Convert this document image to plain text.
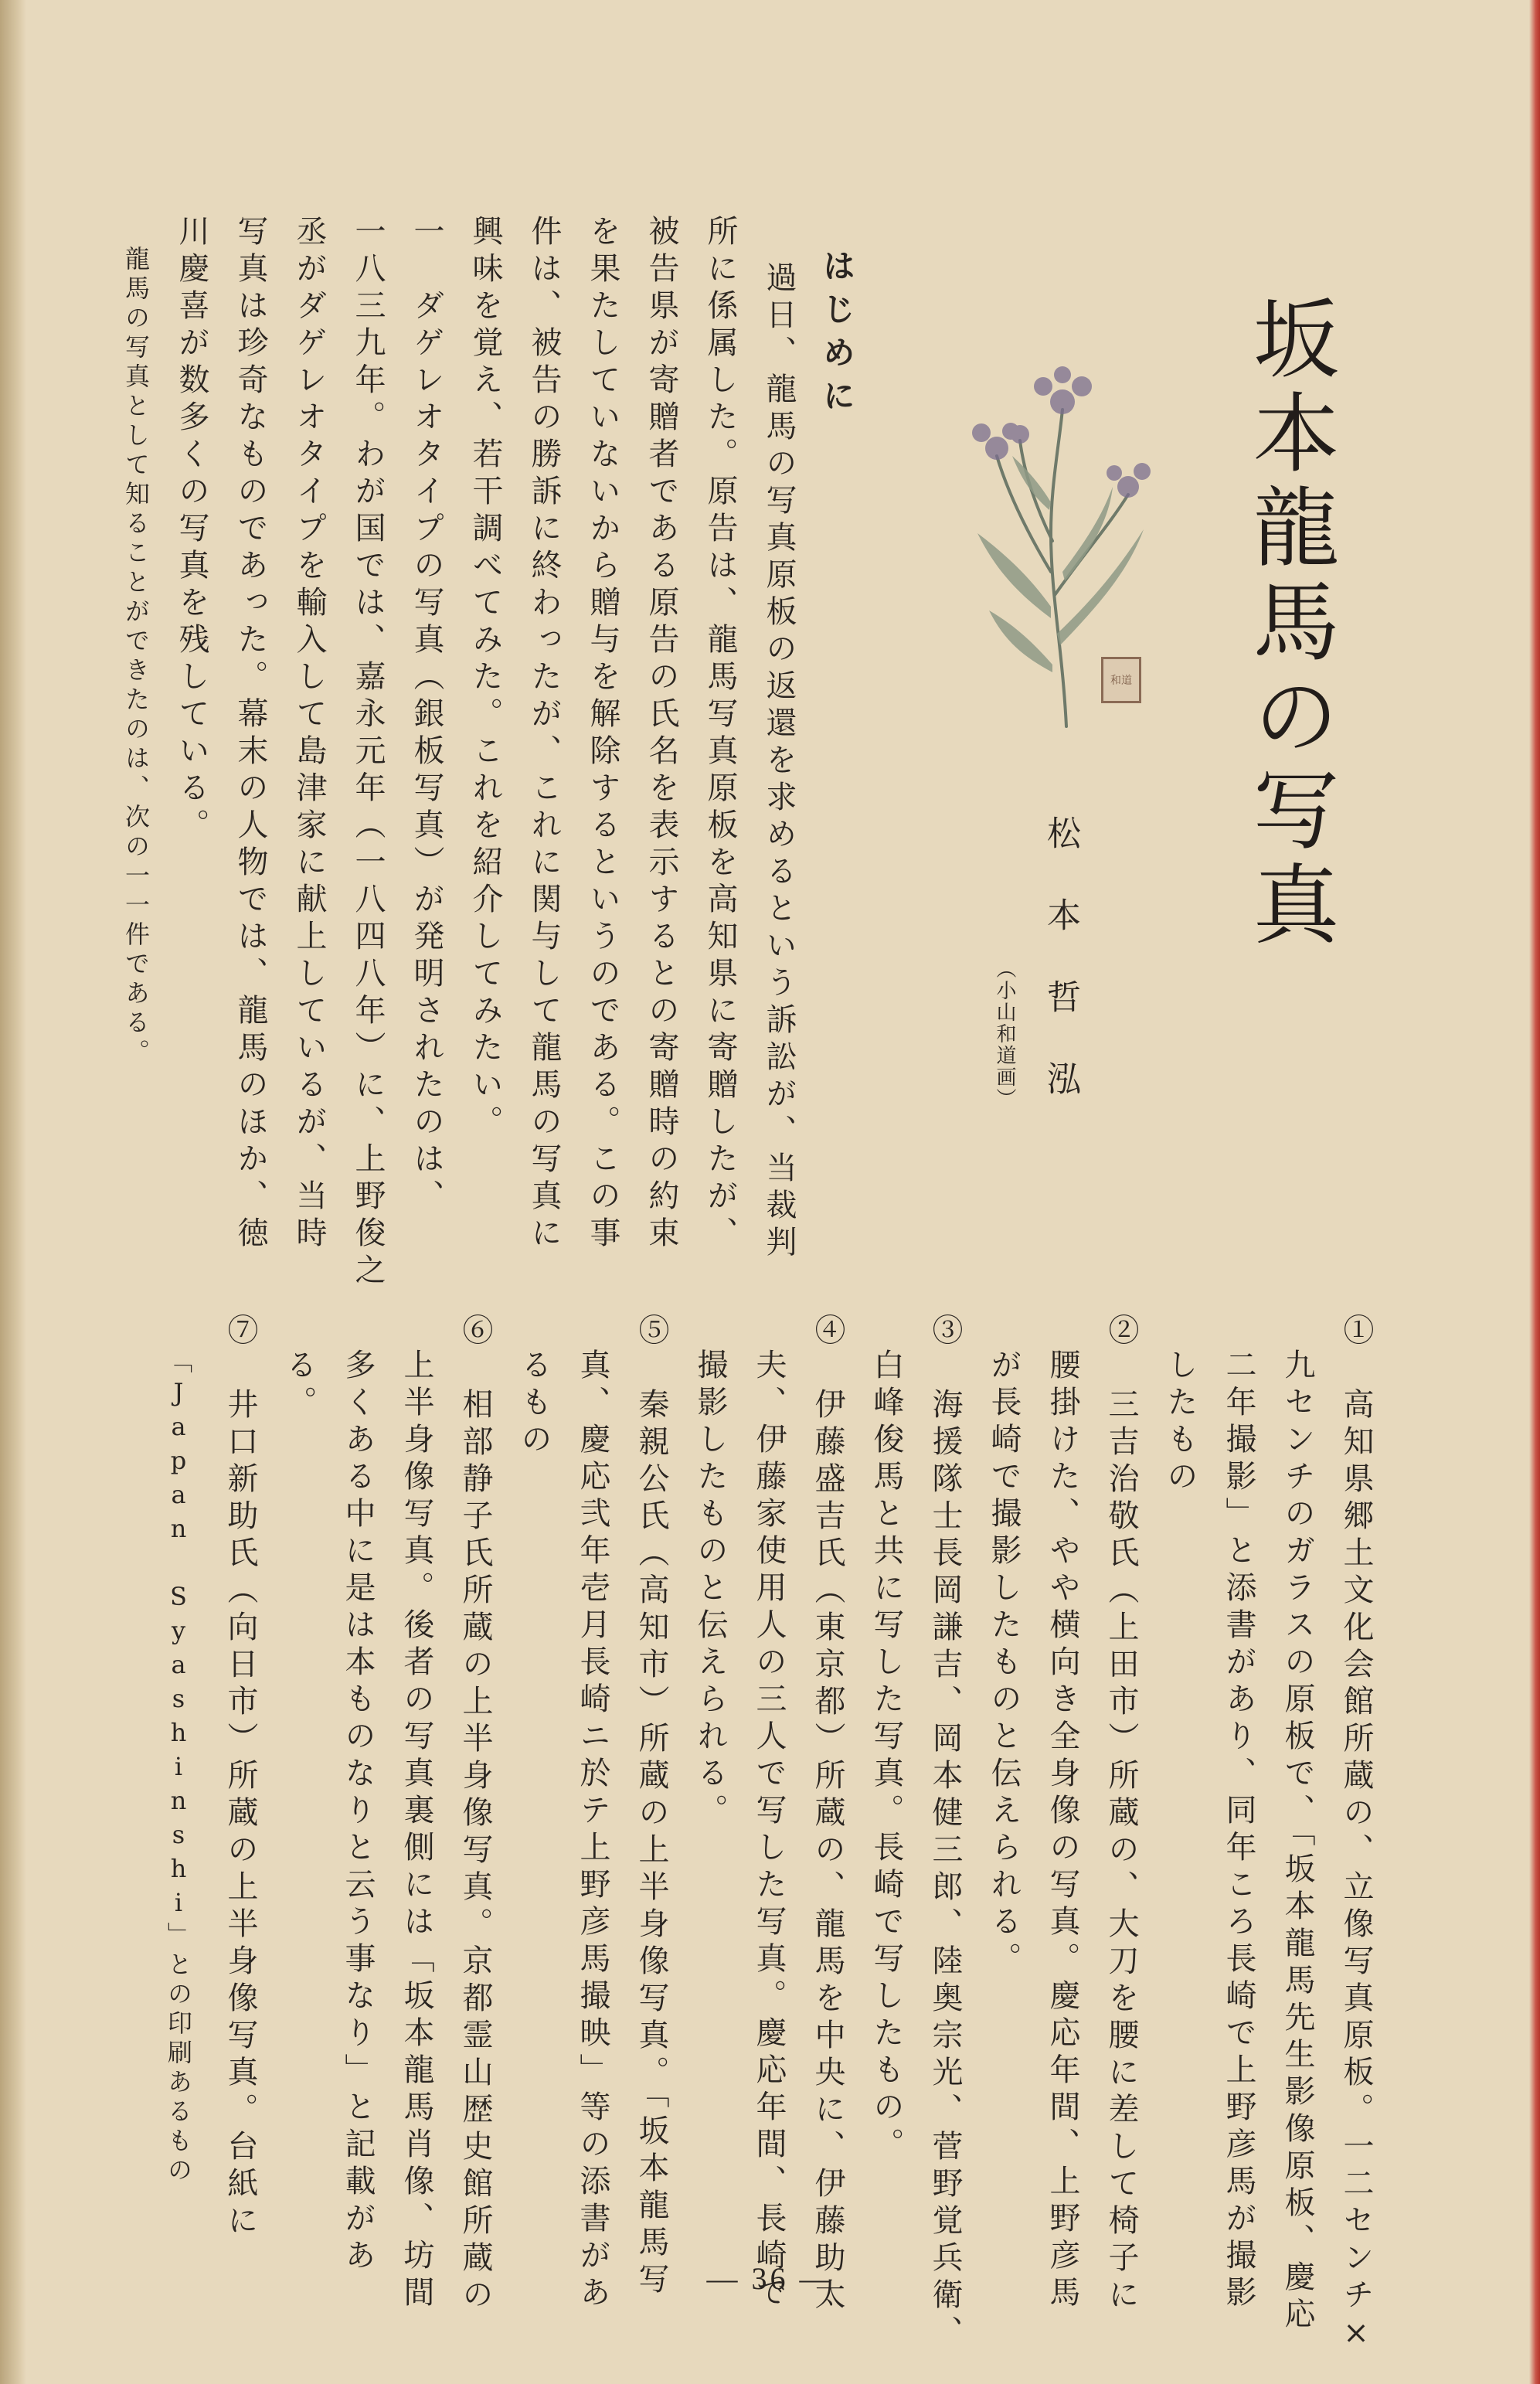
坂本龍馬の写真
和道
松本哲泓
（小山和道画）
はじめに
過日、龍馬の写真原板の返還を求めるという訴訟が、当裁判
所に係属した。原告は、龍馬写真原板を高知県に寄贈したが、
被告県が寄贈者である原告の氏名を表示するとの寄贈時の約束
を果たしていないから贈与を解除するというのである。この事
件は、被告の勝訴に終わったが、これに関与して龍馬の写真に
興味を覚え、若干調べてみた。これを紹介してみたい。
一　ダゲレオタイプの写真（銀板写真）が発明されたのは、
一八三九年。わが国では、嘉永元年（一八四八年）に、上野俊之
丞がダゲレオタイプを輸入して島津家に献上しているが、当時
写真は珍奇なものであった。幕末の人物では、龍馬のほか、徳
川慶喜が数多くの写真を残している。
龍馬の写真として知ることができたのは、次の一一件である。
①　高知県郷土文化会館所蔵の、立像写真原板。一二センチ×
九センチのガラスの原板で、「坂本龍馬先生影像原板、慶応
二年撮影」と添書があり、同年ころ長崎で上野彦馬が撮影
したもの
②　三吉治敬氏（上田市）所蔵の、大刀を腰に差して椅子に
腰掛けた、やや横向き全身像の写真。慶応年間、上野彦馬
が長崎で撮影したものと伝えられる。
③　海援隊士長岡謙吉、岡本健三郎、陸奥宗光、菅野覚兵衛、
白峰俊馬と共に写した写真。長崎で写したもの。
④　伊藤盛吉氏（東京都）所蔵の、龍馬を中央に、伊藤助太
夫、伊藤家使用人の三人で写した写真。慶応年間、長崎で
撮影したものと伝えられる。
⑤　秦親公氏（高知市）所蔵の上半身像写真。「坂本龍馬写
真、慶応弐年壱月長崎ニ於テ上野彦馬撮映」等の添書があ
るもの
⑥　相部静子氏所蔵の上半身像写真。京都霊山歴史館所蔵の
上半身像写真。後者の写真裏側には「坂本龍馬肖像、坊間
多くある中に是は本ものなりと云う事なり」と記載があ
る。
⑦　井口新助氏（向日市）所蔵の上半身像写真。台紙に
「Japan Syashinshi」との印刷あるもの
― 36 ―
